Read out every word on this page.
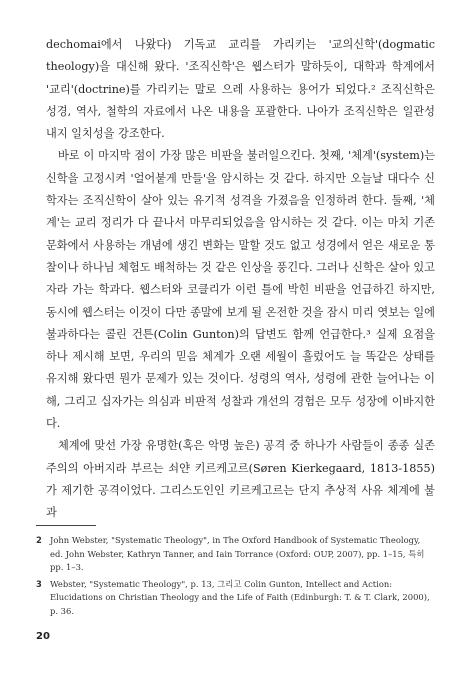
dechomai에서 나왔다) 기독교 교리를 가리키는 '교의신학'(dogmatic theology)을 대신해 왔다. '조직신학'은 웹스터가 말하듯이, 대학과 학계에서 '교리'(doctrine)를 가리키는 말로 으레 사용하는 용어가 되었다.² 조직신학은 성경, 역사, 철학의 자료에서 나온 내용을 포괄한다. 나아가 조직신학은 일관성 내지 일치성을 강조한다.

바로 이 마지막 점이 가장 많은 비판을 불러일으킨다. 첫째, '체계'(system)는 신학을 고정시켜 '얼어붙게 만들'을 암시하는 것 같다. 하지만 오늘날 대다수 신학자는 조직신학이 살아 있는 유기적 성격을 가졌음을 인정하려 한다. 둘째, '체계'는 교리 정리가 다 끝나서 마무리되었음을 암시하는 것 같다. 이는 마치 기존 문화에서 사용하는 개념에 생긴 변화는 말할 것도 없고 성경에서 얻은 새로운 통찰이나 하나님 체험도 배척하는 것 같은 인상을 풍긴다. 그러나 신학은 살아 있고 자라 가는 학과다. 웹스터와 코클리가 이런 틀에 박힌 비판을 언급하긴 하지만, 동시에 웹스터는 이것이 다만 종말에 보게 될 온전한 것을 잠시 미리 엿보는 일에 불과하다는 콜린 건튼(Colin Gunton)의 답변도 함께 언급한다.³ 실제 요점을 하나 제시해 보면, 우리의 믿음 체계가 오랜 세월이 흘렀어도 늘 똑같은 상태를 유지해 왔다면 뭔가 문제가 있는 것이다. 성령의 역사, 성령에 관한 늘어나는 이해, 그리고 십자가는 의심과 비판적 성찰과 개선의 경험은 모두 성장에 이바지한다.

체계에 맞선 가장 유명한(혹은 악명 높은) 공격 중 하나가 사람들이 종종 실존주의의 아버지라 부르는 쇠얀 키르케고르(Søren Kierkegaard, 1813-1855)가 제기한 공격이었다. 그리스도인인 키르케고르는 단지 추상적 사유 체계에 불과

2 John Webster, "Systematic Theology", in The Oxford Handbook of Systematic Theology, ed. John Webster, Kathryn Tanner, and Iain Torrance (Oxford: OUP, 2007), pp. 1–15, 특히 pp. 1–3.
3 Webster, "Systematic Theology", p. 13, 그리고 Colin Gunton, Intellect and Action: Elucidations on Christian Theology and the Life of Faith (Edinburgh: T. & T. Clark, 2000), p. 36.
20
